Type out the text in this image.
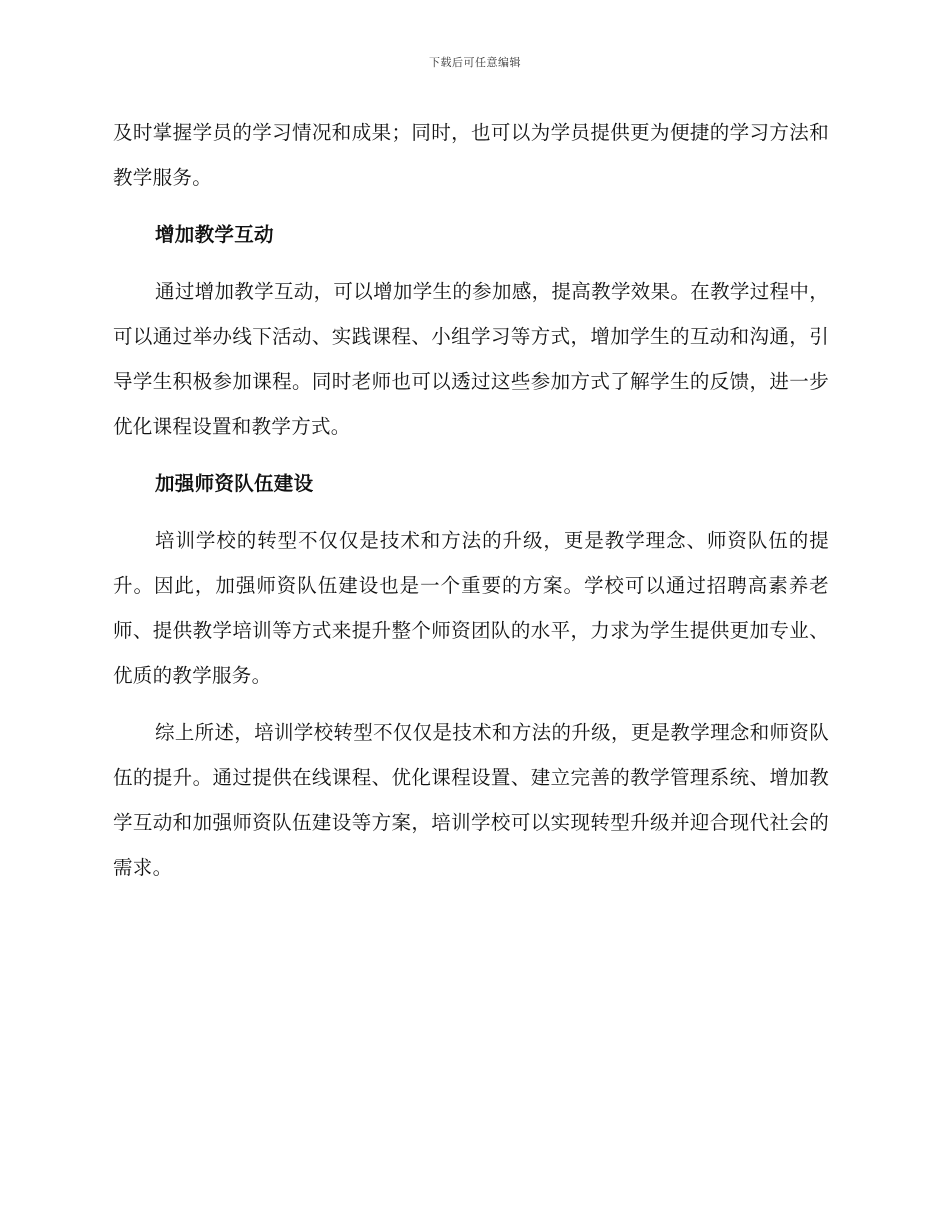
下载后可任意编辑

及时掌握学员的学习情况和成果；同时，也可以为学员提供更为便捷的学习方法和教学服务。

增加教学互动

通过增加教学互动，可以增加学生的参加感，提高教学效果。在教学过程中，可以通过举办线下活动、实践课程、小组学习等方式，增加学生的互动和沟通，引导学生积极参加课程。同时老师也可以透过这些参加方式了解学生的反馈，进一步优化课程设置和教学方式。

加强师资队伍建设

培训学校的转型不仅仅是技术和方法的升级，更是教学理念、师资队伍的提升。因此，加强师资队伍建设也是一个重要的方案。学校可以通过招聘高素养老师、提供教学培训等方式来提升整个师资团队的水平，力求为学生提供更加专业、优质的教学服务。

综上所述，培训学校转型不仅仅是技术和方法的升级，更是教学理念和师资队伍的提升。通过提供在线课程、优化课程设置、建立完善的教学管理系统、增加教学互动和加强师资队伍建设等方案，培训学校可以实现转型升级并迎合现代社会的需求。
